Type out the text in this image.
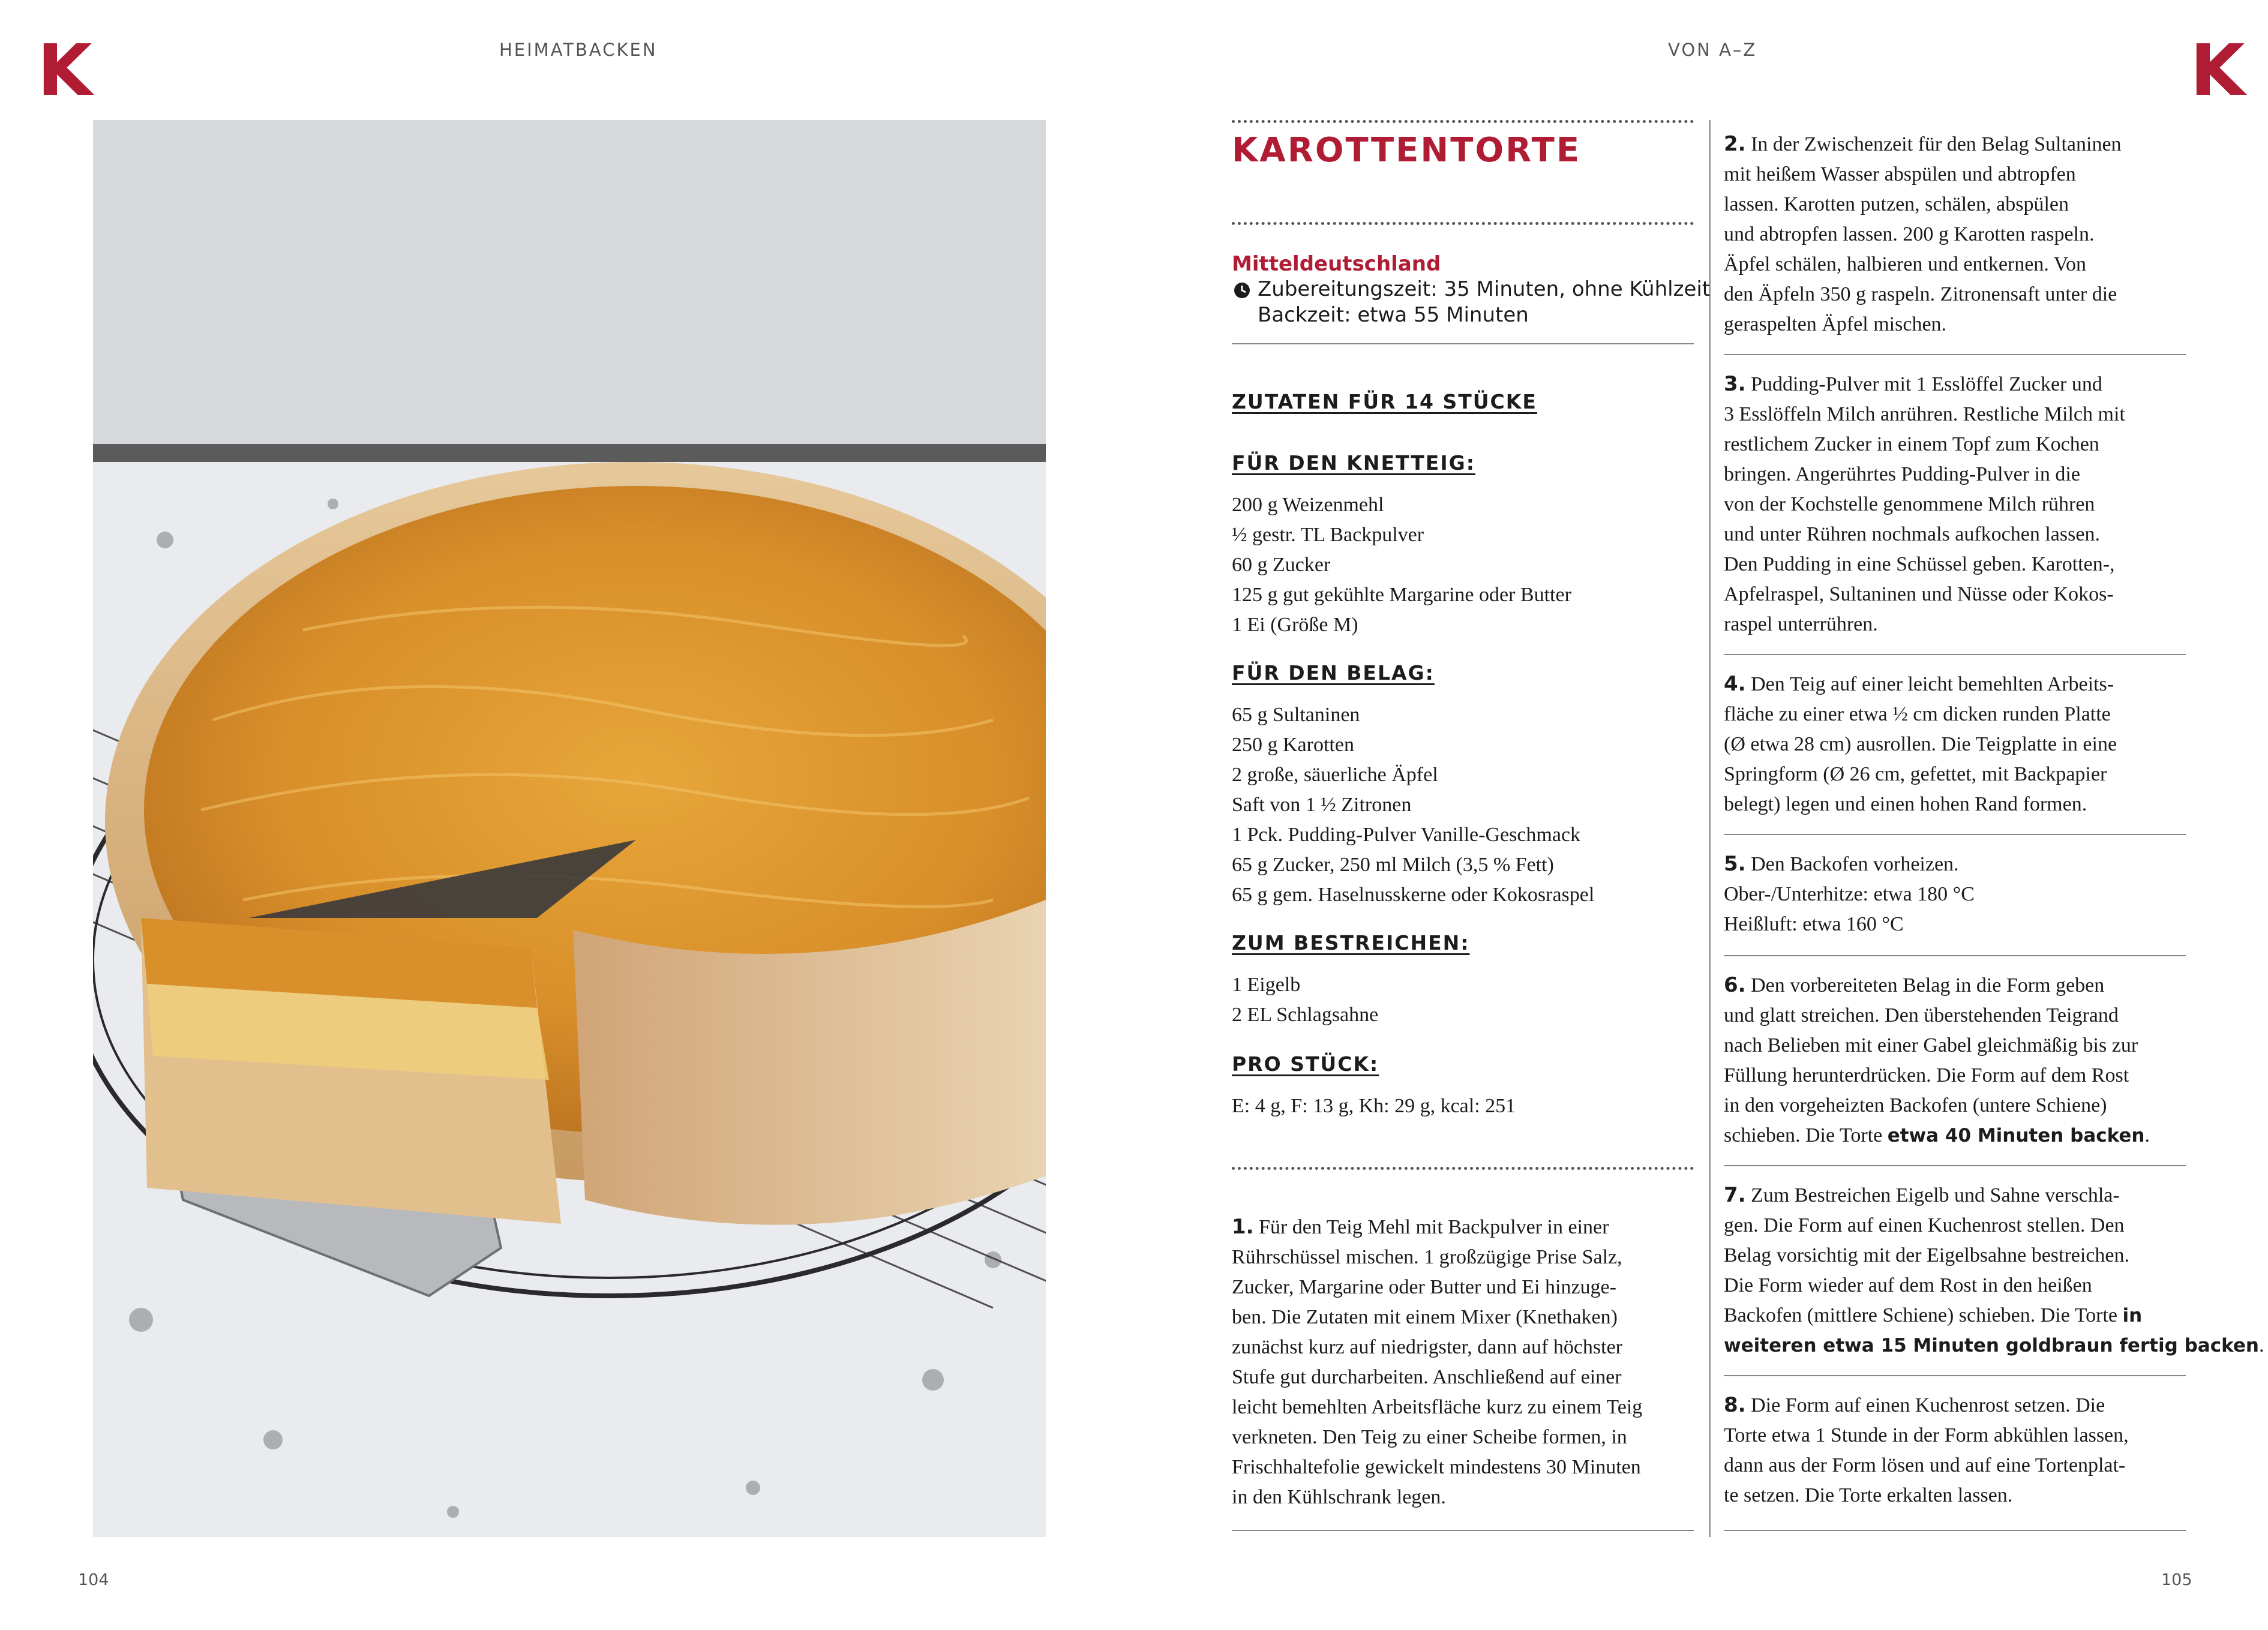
K	HEIMATBACKEN	VON A–Z	K
KAROTTENTORTE
Mitteldeutschland
Zubereitungszeit: 35 Minuten, ohne Kühlzeit
Backzeit: etwa 55 Minuten
ZUTATEN FÜR 14 STÜCKE
FÜR DEN KNETTEIG:
200 g Weizenmehl
½ gestr. TL Backpulver
60 g Zucker
125 g gut gekühlte Margarine oder Butter
1 Ei (Größe M)
FÜR DEN BELAG:
65 g Sultaninen
250 g Karotten
2 große, säuerliche Äpfel
Saft von 1 ½ Zitronen
1 Pck. Pudding-Pulver Vanille-Geschmack
65 g Zucker, 250 ml Milch (3,5 % Fett)
65 g gem. Haselnusskerne oder Kokosraspel
ZUM BESTREICHEN:
1 Eigelb
2 EL Schlagsahne
PRO STÜCK:
E: 4 g, F: 13 g, Kh: 29 g, kcal: 251
1. Für den Teig Mehl mit Backpulver in einer
Rührschüssel mischen. 1 großzügige Prise Salz,
Zucker, Margarine oder Butter und Ei hinzuge-
ben. Die Zutaten mit einem Mixer (Knethaken)
zunächst kurz auf niedrigster, dann auf höchster
Stufe gut durcharbeiten. Anschließend auf einer
leicht bemehlten Arbeitsfläche kurz zu einem Teig
verkneten. Den Teig zu einer Scheibe formen, in
Frischhaltefolie gewickelt mindestens 30 Minuten
in den Kühlschrank legen.
2. In der Zwischenzeit für den Belag Sultaninen
mit heißem Wasser abspülen und abtropfen
lassen. Karotten putzen, schälen, abspülen
und abtropfen lassen. 200 g Karotten raspeln.
Äpfel schälen, halbieren und entkernen. Von
den Äpfeln 350 g raspeln. Zitronensaft unter die
geraspelten Äpfel mischen.
3. Pudding-Pulver mit 1 Esslöffel Zucker und
3 Esslöffeln Milch anrühren. Restliche Milch mit
restlichem Zucker in einem Topf zum Kochen
bringen. Angerührtes Pudding-Pulver in die
von der Kochstelle genommene Milch rühren
und unter Rühren nochmals aufkochen lassen.
Den Pudding in eine Schüssel geben. Karotten-,
Apfelraspel, Sultaninen und Nüsse oder Kokos-
raspel unterrühren.
4. Den Teig auf einer leicht bemehlten Arbeits-
fläche zu einer etwa ½ cm dicken runden Platte
(Ø etwa 28 cm) ausrollen. Die Teigplatte in eine
Springform (Ø 26 cm, gefettet, mit Backpapier
belegt) legen und einen hohen Rand formen.
5. Den Backofen vorheizen.
Ober-/Unterhitze: etwa 180 °C
Heißluft: etwa 160 °C
6. Den vorbereiteten Belag in die Form geben
und glatt streichen. Den überstehenden Teigrand
nach Belieben mit einer Gabel gleichmäßig bis zur
Füllung herunterdrücken. Die Form auf dem Rost
in den vorgeheizten Backofen (untere Schiene)
schieben. Die Torte etwa 40 Minuten backen.
7. Zum Bestreichen Eigelb und Sahne verschla-
gen. Die Form auf einen Kuchenrost stellen. Den
Belag vorsichtig mit der Eigelbsahne bestreichen.
Die Form wieder auf dem Rost in den heißen
Backofen (mittlere Schiene) schieben. Die Torte in
weiteren etwa 15 Minuten goldbraun fertig backen.
8. Die Form auf einen Kuchenrost setzen. Die
Torte etwa 1 Stunde in der Form abkühlen lassen,
dann aus der Form lösen und auf eine Tortenplat-
te setzen. Die Torte erkalten lassen.
104	105
